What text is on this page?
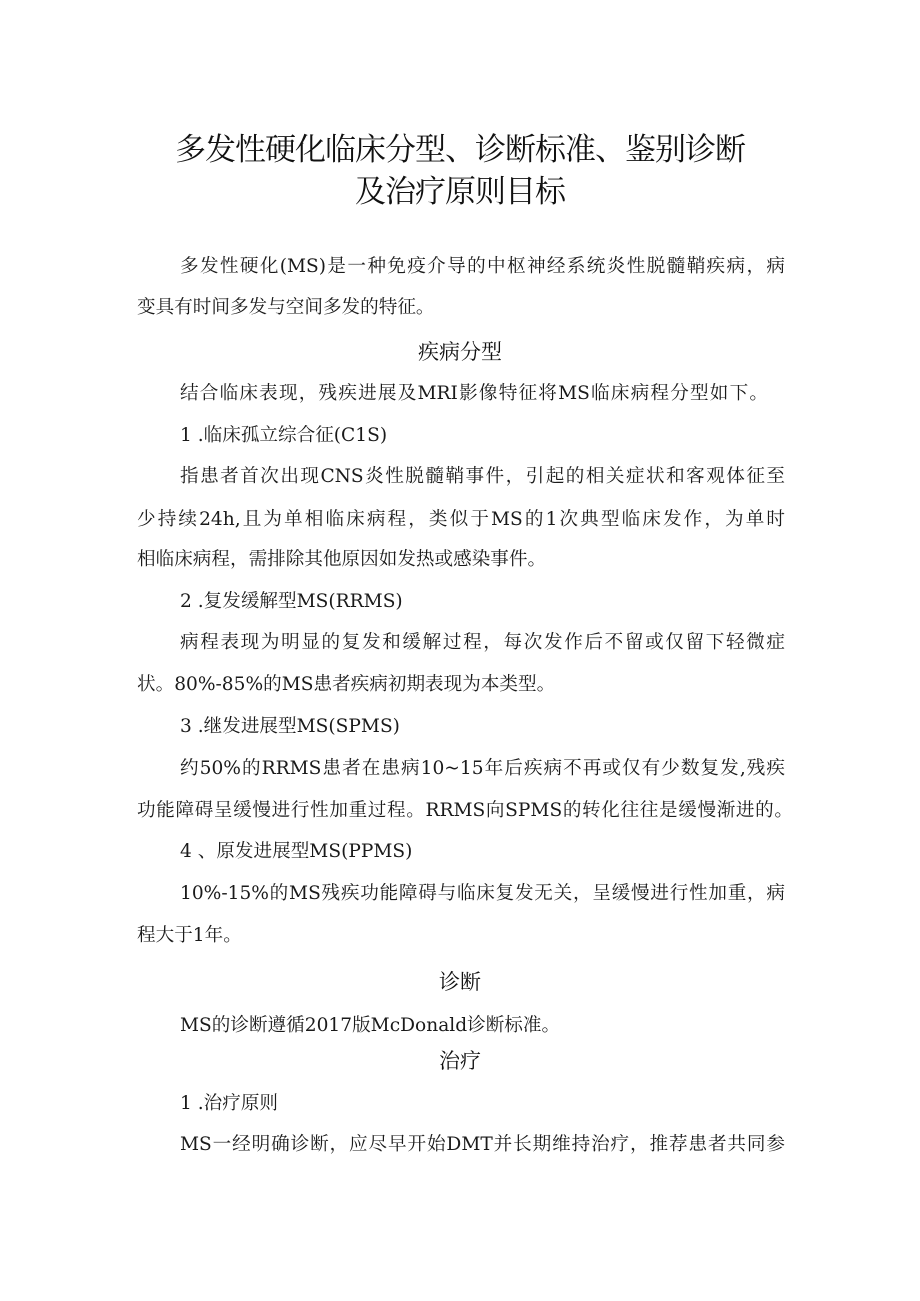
多发性硬化临床分型、诊断标准、鉴别诊断
及治疗原则目标

多发性硬化(MS)是一种免疫介导的中枢神经系统炎性脱髓鞘疾病，病

变具有时间多发与空间多发的特征。

疾病分型

结合临床表现，残疾进展及MRI影像特征将MS临床病程分型如下。

1 .临床孤立综合征(C1S)

指患者首次出现CNS炎性脱髓鞘事件，引起的相关症状和客观体征至

少持续24h,且为单相临床病程，类似于MS的1次典型临床发作，为单时

相临床病程，需排除其他原因如发热或感染事件。

2 .复发缓解型MS(RRMS)

病程表现为明显的复发和缓解过程，每次发作后不留或仅留下轻微症

状。80%-85%的MS患者疾病初期表现为本类型。

3 .继发进展型MS(SPMS)

约50%的RRMS患者在患病10~15年后疾病不再或仅有少数复发,残疾

功能障碍呈缓慢进行性加重过程。RRMS向SPMS的转化往往是缓慢渐进的。

4 、原发进展型MS(PPMS)

10%-15%的MS残疾功能障碍与临床复发无关，呈缓慢进行性加重，病

程大于1年。

诊断

MS的诊断遵循2017版McDonald诊断标准。

治疗

1 .治疗原则

MS一经明确诊断，应尽早开始DMT并长期维持治疗，推荐患者共同参
